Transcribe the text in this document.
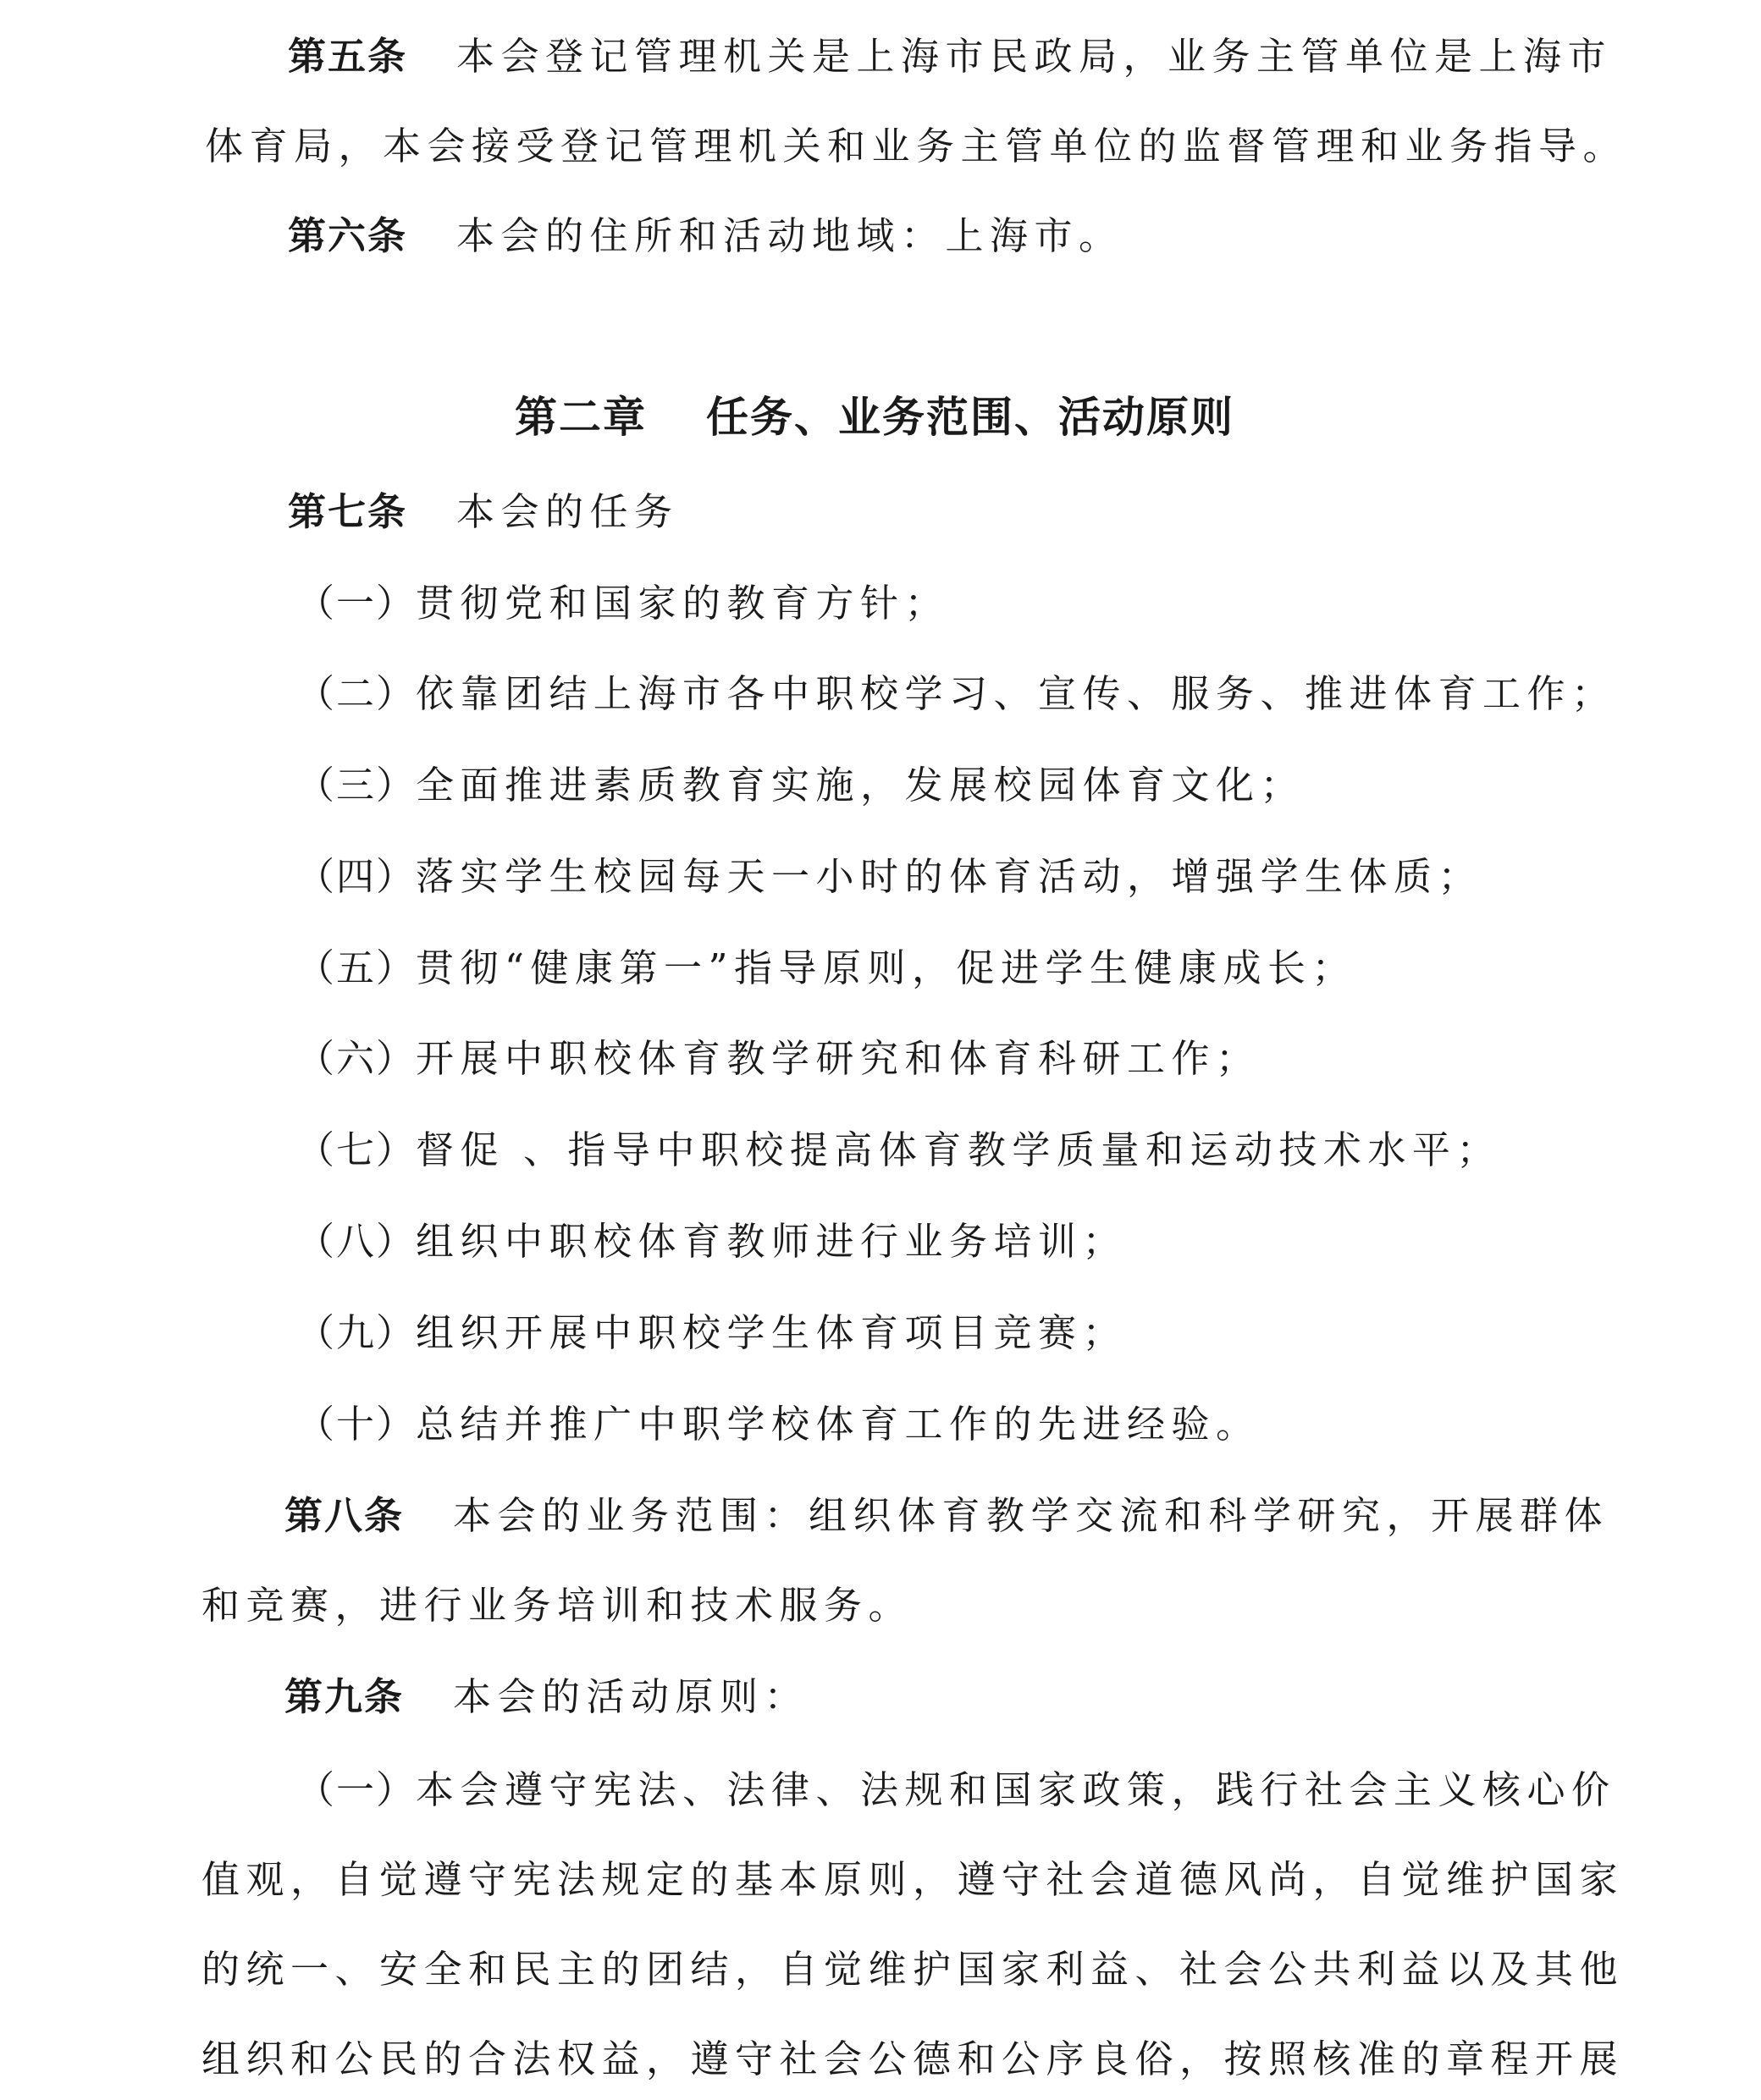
第五条 本会登记管理机关是上海市民政局，业务主管单位是上海市
体育局，本会接受登记管理机关和业务主管单位的监督管理和业务指导。
第六条 本会的住所和活动地域：上海市。
第二章 任务、业务范围、活动原则
第七条 本会的任务
（一）贯彻党和国家的教育方针；
（二）依靠团结上海市各中职校学习、宣传、服务、推进体育工作；
（三）全面推进素质教育实施，发展校园体育文化；
（四）落实学生校园每天一小时的体育活动，增强学生体质；
（五）贯彻“健康第一”指导原则，促进学生健康成长；
（六）开展中职校体育教学研究和体育科研工作；
（七）督促 、指导中职校提高体育教学质量和运动技术水平；
（八）组织中职校体育教师进行业务培训；
（九）组织开展中职校学生体育项目竞赛；
（十）总结并推广中职学校体育工作的先进经验。
第八条 本会的业务范围：组织体育教学交流和科学研究，开展群体
和竞赛，进行业务培训和技术服务。
第九条 本会的活动原则：
（一）本会遵守宪法、法律、法规和国家政策，践行社会主义核心价
值观，自觉遵守宪法规定的基本原则，遵守社会道德风尚，自觉维护国家
的统一、安全和民主的团结，自觉维护国家利益、社会公共利益以及其他
组织和公民的合法权益，遵守社会公德和公序良俗，按照核准的章程开展
